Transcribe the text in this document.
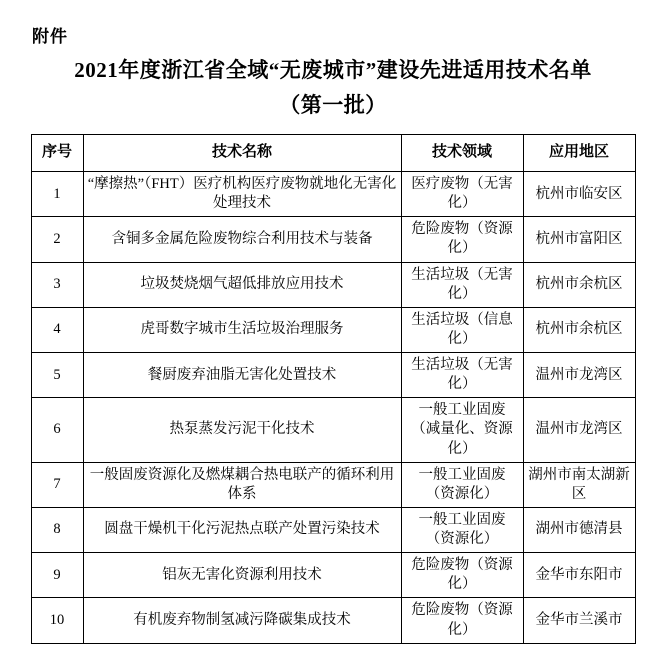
附件
2021年度浙江省全域“无废城市”建设先进适用技术名单
（第一批）
序号	技术名称	技术领域	应用地区
1	“摩擦热”（FHT）医疗机构医疗废物就地化无害化处理技术	医疗废物（无害化）	杭州市临安区
2	含铜多金属危险废物综合利用技术与装备	危险废物（资源化）	杭州市富阳区
3	垃圾焚烧烟气超低排放应用技术	生活垃圾（无害化）	杭州市余杭区
4	虎哥数字城市生活垃圾治理服务	生活垃圾（信息化）	杭州市余杭区
5	餐厨废弃油脂无害化处置技术	生活垃圾（无害化）	温州市龙湾区
6	热泵蒸发污泥干化技术	一般工业固废（减量化、资源化）	温州市龙湾区
7	一般固废资源化及燃煤耦合热电联产的循环利用体系	一般工业固废（资源化）	湖州市南太湖新区
8	圆盘干燥机干化污泥热点联产处置污染技术	一般工业固废（资源化）	湖州市德清县
9	铝灰无害化资源利用技术	危险废物（资源化）	金华市东阳市
10	有机废弃物制氢减污降碳集成技术	危险废物（资源化）	金华市兰溪市
